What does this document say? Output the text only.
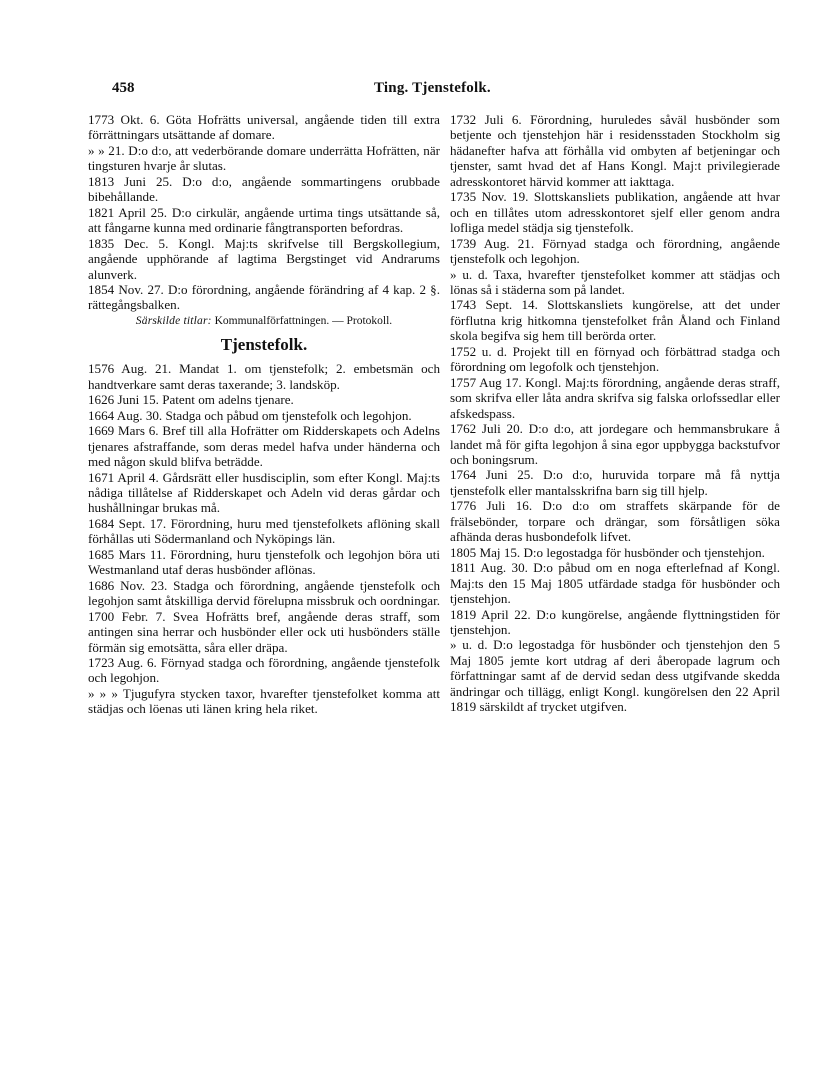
458	Ting. Tjenstefolk.

1773 Okt. 6. Göta Hofrätts universal, angående tiden till extra förrättningars utsättande af domare.

» » 21. D:o d:o, att vederbörande domare underrätta Hofrätten, när tingsturen hvarje år slutas.

1813 Juni 25. D:o d:o, angående sommartingens orubbade bibehållande.

1821 April 25. D:o cirkulär, angående urtima tings utsättande så, att fångarne kunna med ordinarie fångtransporten befordras.

1835 Dec. 5. Kongl. Maj:ts skrifvelse till Bergskollegium, angående upphörande af lagtima Bergstinget vid Andrarums alunverk.

1854 Nov. 27. D:o förordning, angående förändring af 4 kap. 2 §. rättegångsbalken.

Särskilde titlar: Kommunalförfattningen. — Protokoll.
Tjenstefolk.

1576 Aug. 21. Mandat 1. om tjenstefolk; 2. embetsmän och handtverkare samt deras taxerande; 3. landsköp.

1626 Juni 15. Patent om adelns tjenare.

1664 Aug. 30. Stadga och påbud om tjenstefolk och legohjon.

1669 Mars 6. Bref till alla Hofrätter om Ridderskapets och Adelns tjenares afstraffande, som deras medel hafva under händerna och med någon skuld blifva beträdde.

1671 April 4. Gårdsrätt eller husdisciplin, som efter Kongl. Maj:ts nådiga tillåtelse af Ridderskapet och Adeln vid deras gårdar och hushållningar brukas må.

1684 Sept. 17. Förordning, huru med tjenstefolkets aflöning skall förhållas uti Södermanland och Nyköpings län.

1685 Mars 11. Förordning, huru tjenstefolk och legohjon böra uti Westmanland utaf deras husbönder aflönas.

1686 Nov. 23. Stadga och förordning, angående tjenstefolk och legohjon samt åtskilliga dervid förelupna missbruk och oordningar.

1700 Febr. 7. Svea Hofrätts bref, angående deras straff, som antingen sina herrar och husbönder eller ock uti husbönders ställe förmän sig emotsätta, såra eller dräpa.

1723 Aug. 6. Förnyad stadga och förordning, angående tjenstefolk och legohjon.

» » » Tjugufyra stycken taxor, hvarefter tjenstefolket komma att städjas och löenas uti länen kring hela riket.

1732 Juli 6. Förordning, huruledes såväl husbönder som betjente och tjenstehjon här i residensstaden Stockholm sig hädanefter hafva att förhålla vid ombyten af betjeningar och tjenster, samt hvad det af Hans Kongl. Maj:t privilegierade adresskontoret härvid kommer att iakttaga.

1735 Nov. 19. Slottskansliets publikation, angående att hvar och en tillåtes utom adresskontoret sjelf eller genom andra lofliga medel städja sig tjenstefolk.

1739 Aug. 21. Förnyad stadga och förordning, angående tjenstefolk och legohjon.

» u. d. Taxa, hvarefter tjenstefolket kommer att städjas och lönas så i städerna som på landet.

1743 Sept. 14. Slottskansliets kungörelse, att det under förflutna krig hitkomna tjenstefolket från Åland och Finland skola begifva sig hem till berörda orter.

1752 u. d. Projekt till en förnyad och förbättrad stadga och förordning om legofolk och tjenstehjon.

1757 Aug 17. Kongl. Maj:ts förordning, angående deras straff, som skrifva eller låta andra skrifva sig falska orlofssedlar eller afskedspass.

1762 Juli 20. D:o d:o, att jordegare och hemmansbrukare å landet må för gifta legohjon å sina egor uppbygga backstufvor och boningsrum.

1764 Juni 25. D:o d:o, huruvida torpare må få nyttja tjenstefolk eller mantalsskrifna barn sig till hjelp.

1776 Juli 16. D:o d:o om straffets skärpande för de frälsebönder, torpare och drängar, som försåtligen söka afhända deras husbondefolk lifvet.

1805 Maj 15. D:o legostadga för husbönder och tjenstehjon.

1811 Aug. 30. D:o påbud om en noga efterlefnad af Kongl. Maj:ts den 15 Maj 1805 utfärdade stadga för husbönder och tjenstehjon.

1819 April 22. D:o kungörelse, angående flyttningstiden för tjenstehjon.

» u. d. D:o legostadga för husbönder och tjenstehjon den 5 Maj 1805 jemte kort utdrag af deri åberopade lagrum och författningar samt af de dervid sedan dess utgifvande skedda ändringar och tillägg, enligt Kongl. kungörelsen den 22 April 1819 särskildt af trycket utgifven.
